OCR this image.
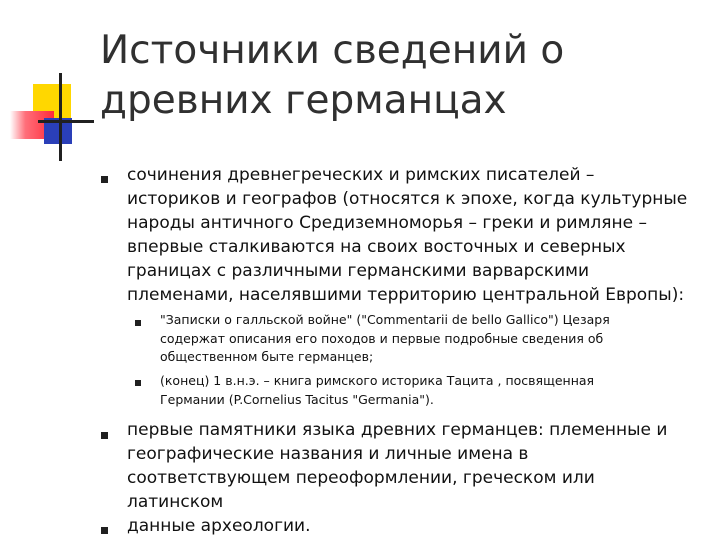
Источники сведений о
древних германцах
сочинения древнегреческих и римских писателей –
историков и географов (относятся к эпохе, когда культурные
народы античного Средиземноморья – греки и римляне –
впервые сталкиваются на своих восточных и северных
границах с различными германскими варварскими
племенами, населявшими территорию центральной Европы):
"Записки о галльской войне" ("Commentarii de bello Gallico") Цезаря
содержат описания его походов и первые подробные сведения об
общественном быте германцев;
(конец) 1 в.н.э. – книга римского историка Тацита , посвященная
Германии (P.Cornelius Tacitus "Germania").
первые памятники языка древних германцев: племенные и
географические названия и личные имена в
соответствующем переоформлении, греческом или
латинском
данные археологии.
